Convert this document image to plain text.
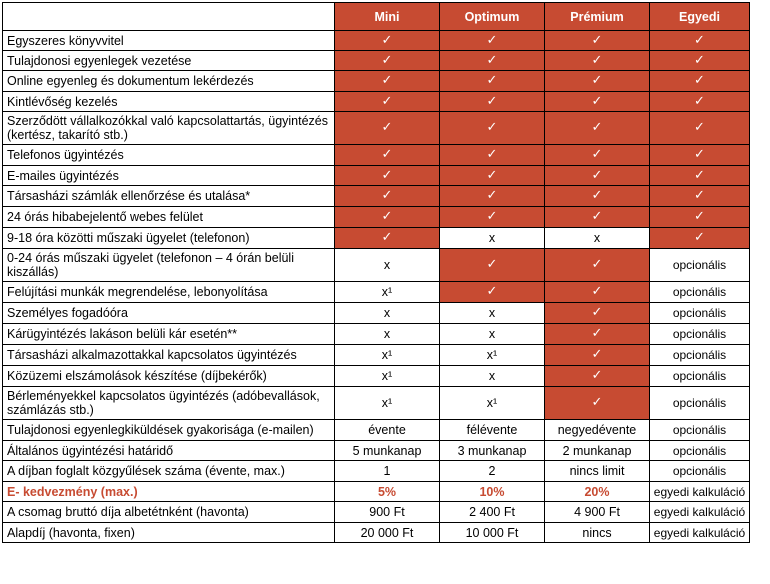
	Mini	Optimum	Prémium	Egyedi
Egyszeres könyvvitel	✓	✓	✓	✓
Tulajdonosi egyenlegek vezetése	✓	✓	✓	✓
Online egyenleg és dokumentum lekérdezés	✓	✓	✓	✓
Kintlévőség kezelés	✓	✓	✓	✓
Szerződött vállalkozókkal való kapcsolattartás, ügyintézés (kertész, takarító stb.)	✓	✓	✓	✓
Telefonos ügyintézés	✓	✓	✓	✓
E-mailes ügyintézés	✓	✓	✓	✓
Társasházi számlák ellenőrzése és utalása*	✓	✓	✓	✓
24 órás hibabejelentő webes felület	✓	✓	✓	✓
9-18 óra közötti műszaki ügyelet (telefonon)	✓	x	x	✓
0-24 órás műszaki ügyelet (telefonon – 4 órán belüli kiszállás)	x	✓	✓	opcionális
Felújítási munkák megrendelése, lebonyolítása	x¹	✓	✓	opcionális
Személyes fogadóóra	x	x	✓	opcionális
Kárügyintézés lakáson belüli kár esetén**	x	x	✓	opcionális
Társasházi alkalmazottakkal kapcsolatos ügyintézés	x¹	x¹	✓	opcionális
Közüzemi elszámolások készítése (díjbekérők)	x¹	x	✓	opcionális
Bérleményekkel kapcsolatos ügyintézés (adóbevallások, számlázás stb.)	x¹	x¹	✓	opcionális
Tulajdonosi egyenlegkiküldések gyakorisága (e-mailen)	évente	félévente	negyedévente	opcionális
Általános ügyintézési határidő	5 munkanap	3 munkanap	2 munkanap	opcionális
A díjban foglalt közgyűlések száma (évente, max.)	1	2	nincs limit	opcionális
E- kedvezmény (max.)	5%	10%	20%	egyedi kalkuláció
A csomag bruttó díja albetétnként (havonta)	900 Ft	2 400 Ft	4 900 Ft	egyedi kalkuláció
Alapdíj (havonta, fixen)	20 000 Ft	10 000 Ft	nincs	egyedi kalkuláció
